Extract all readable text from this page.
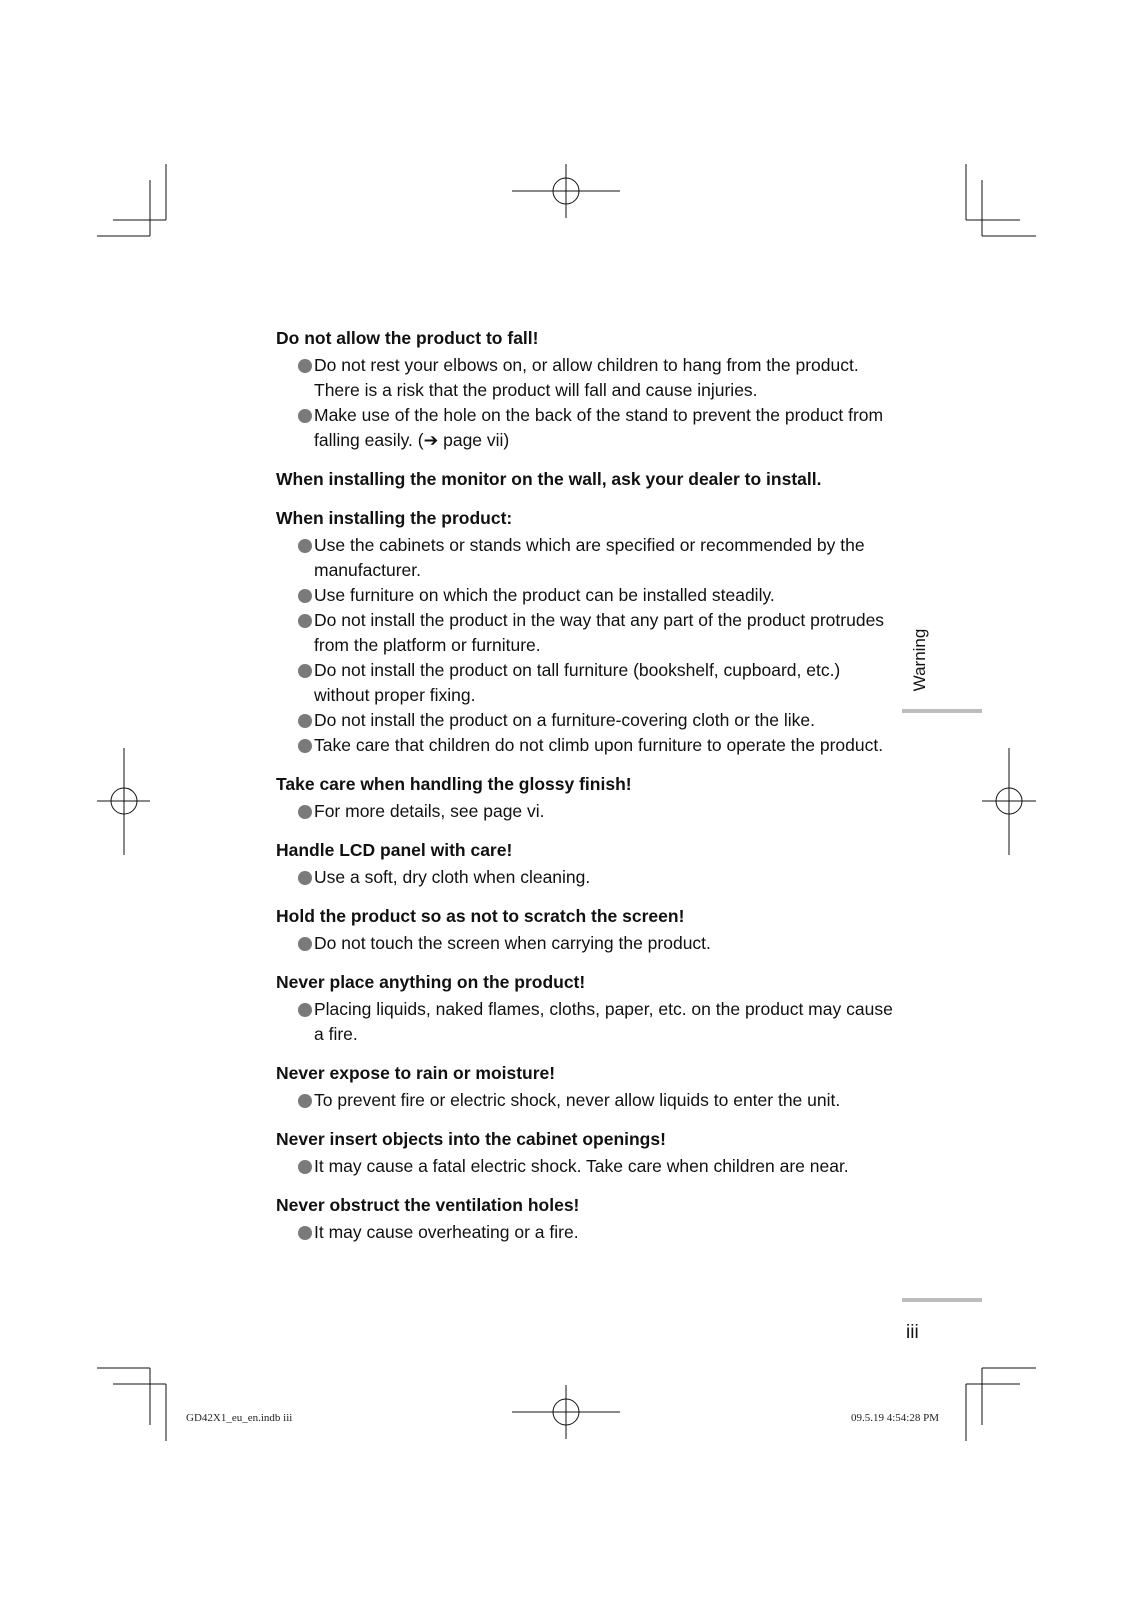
Do not allow the product to fall!
Do not rest your elbows on, or allow children to hang from the product. There is a risk that the product will fall and cause injuries.
Make use of the hole on the back of the stand to prevent the product from falling easily. (➔ page vii)
When installing the monitor on the wall, ask your dealer to install.
When installing the product:
Use the cabinets or stands which are specified or recommended by the manufacturer.
Use furniture on which the product can be installed steadily.
Do not install the product in the way that any part of the product protrudes from the platform or furniture.
Do not install the product on tall furniture (bookshelf, cupboard, etc.) without proper fixing.
Do not install the product on a furniture-covering cloth or the like.
Take care that children do not climb upon furniture to operate the product.
Take care when handling the glossy finish!
For more details, see page vi.
Handle LCD panel with care!
Use a soft, dry cloth when cleaning.
Hold the product so as not to scratch the screen!
Do not touch the screen when carrying the product.
Never place anything on the product!
Placing liquids, naked flames, cloths, paper, etc. on the product may cause a fire.
Never expose to rain or moisture!
To prevent fire or electric shock, never allow liquids to enter the unit.
Never insert objects into the cabinet openings!
It may cause a fatal electric shock. Take care when children are near.
Never obstruct the ventilation holes!
It may cause overheating or a fire.
Warning
iii
GD42X1_eu_en.indb iii	09.5.19 4:54:28 PM
